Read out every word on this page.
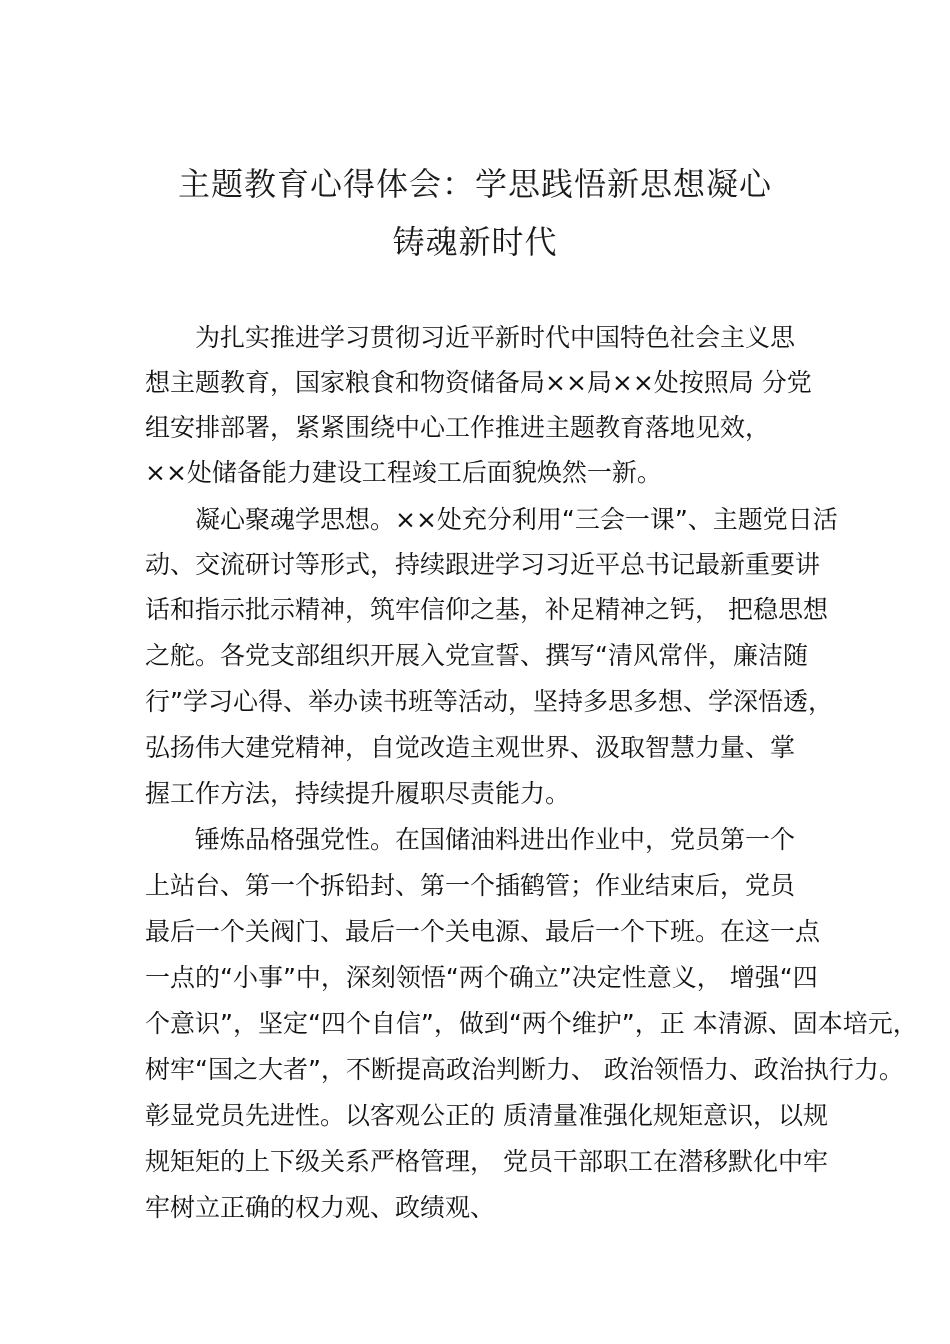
主题教育心得体会：学思践悟新思想凝心
铸魂新时代

为扎实推进学习贯彻习近平新时代中国特色社会主义思

想主题教育，国家粮食和物资储备局××局××处按照局 分党

组安排部署，紧紧围绕中心工作推进主题教育落地见效，

××处储备能力建设工程竣工后面貌焕然一新。

凝心聚魂学思想。××处充分利用“三会一课”、主题党日活

动、交流研讨等形式，持续跟进学习习近平总书记最新重要讲

话和指示批示精神，筑牢信仰之基，补足精神之钙， 把稳思想

之舵。各党支部组织开展入党宣誓、撰写“清风常伴，廉洁随

行”学习心得、举办读书班等活动，坚持多思多想、学深悟透，

弘扬伟大建党精神，自觉改造主观世界、汲取智慧力量、掌

握工作方法，持续提升履职尽责能力。

锤炼品格强党性。在国储油料进出作业中，党员第一个

上站台、第一个拆铅封、第一个插鹤管；作业结束后，党员

最后一个关阀门、最后一个关电源、最后一个下班。在这一点

一点的“小事”中，深刻领悟“两个确立”决定性意义， 增强“四

个意识”，坚定“四个自信”，做到“两个维护”，正 本清源、固本培元，

树牢“国之大者”，不断提高政治判断力、 政治领悟力、政治执行力。

彰显党员先进性。以客观公正的 质清量准强化规矩意识，以规

规矩矩的上下级关系严格管理， 党员干部职工在潜移默化中牢

牢树立正确的权力观、政绩观、
